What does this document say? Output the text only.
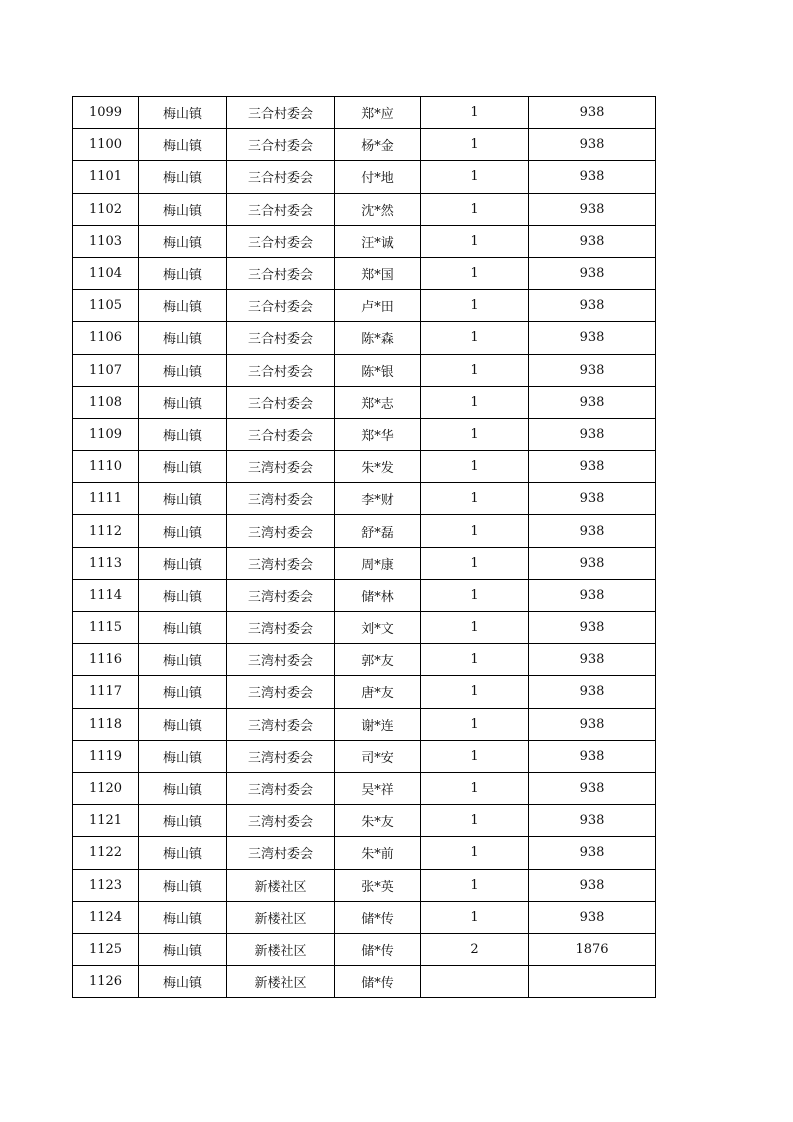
1099	梅山镇	三合村委会	郑*应	1	938
1100	梅山镇	三合村委会	杨*金	1	938
1101	梅山镇	三合村委会	付*地	1	938
1102	梅山镇	三合村委会	沈*然	1	938
1103	梅山镇	三合村委会	汪*诚	1	938
1104	梅山镇	三合村委会	郑*国	1	938
1105	梅山镇	三合村委会	卢*田	1	938
1106	梅山镇	三合村委会	陈*森	1	938
1107	梅山镇	三合村委会	陈*银	1	938
1108	梅山镇	三合村委会	郑*志	1	938
1109	梅山镇	三合村委会	郑*华	1	938
1110	梅山镇	三湾村委会	朱*发	1	938
1111	梅山镇	三湾村委会	李*财	1	938
1112	梅山镇	三湾村委会	舒*磊	1	938
1113	梅山镇	三湾村委会	周*康	1	938
1114	梅山镇	三湾村委会	储*林	1	938
1115	梅山镇	三湾村委会	刘*文	1	938
1116	梅山镇	三湾村委会	郭*友	1	938
1117	梅山镇	三湾村委会	唐*友	1	938
1118	梅山镇	三湾村委会	谢*连	1	938
1119	梅山镇	三湾村委会	司*安	1	938
1120	梅山镇	三湾村委会	吴*祥	1	938
1121	梅山镇	三湾村委会	朱*友	1	938
1122	梅山镇	三湾村委会	朱*前	1	938
1123	梅山镇	新楼社区	张*英	1	938
1124	梅山镇	新楼社区	储*传	1	938
1125	梅山镇	新楼社区	储*传	2	1876
1126	梅山镇	新楼社区	储*传		
